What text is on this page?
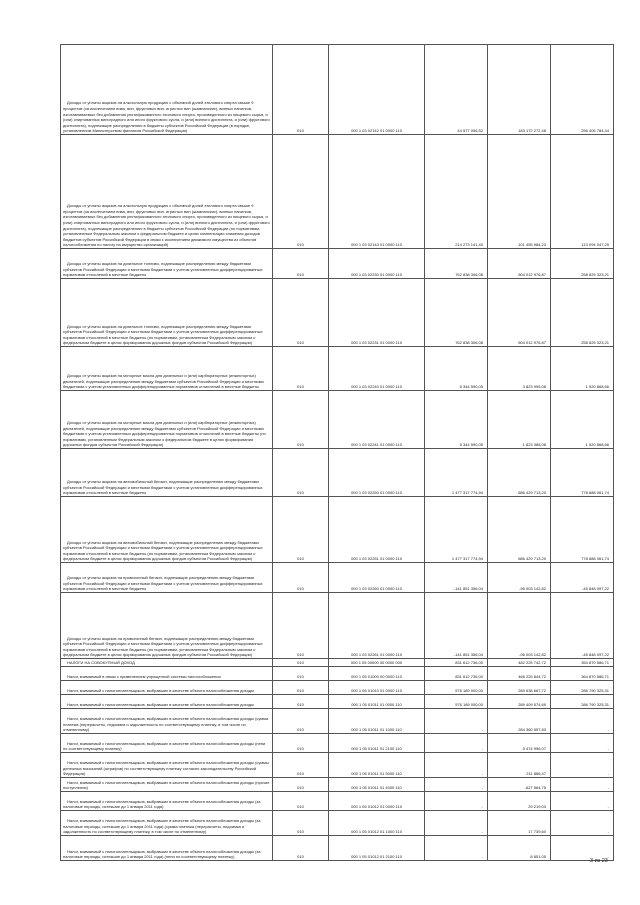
Доходы от уплаты акцизов на алкогольную продукцию с объемной долей этилового спирта свыше 9 процентов (за исключением пива, вин, фруктовых вин, игристых вин (шампанских), винных напитков, изготавливаемых без добавления ректификованного этилового спирта, произведенного из пищевого сырья, и (или) спиртованных виноградного или иного фруктового сусла, и (или) винного дистиллята, и (или) фруктового дистиллята), подлежащие распределению в бюджеты субъектов Российской Федерации (в порядке, установленном Министерством финансов Российской Федерации)	010	000 1 03 02142 01 0000 110	44 577 056,52	183 172 272,48	256 405 784,44
Доходы от уплаты акцизов на алкогольную продукцию с объемной долей этилового спирта свыше 9 процентов (за исключением пива, вин, фруктовых вин, игристых вин (шампанских), винных напитков, изготавливаемых без добавления ректификованного этилового спирта, произведенного из пищевого сырья, и (или) спиртованных виноградного или иного фруктового сусла, и (или) винного дистиллята, и (или) фруктового дистиллята), подлежащие распределению в бюджеты субъектов Российской Федерации (по нормативам, установленным Федеральным законом о федеральном бюджете в целях компенсации снижения доходов бюджетов субъектов Российской Федерации в связи с исключением движимого имущества из объектов налогообложения по налогу на имущество организаций)	010	000 1 03 02143 01 0000 110	214 273 141,40	101 455 984,23	113 094 047,25
Доходы от уплаты акцизов на дизельное топливо, подлежащие распределению между бюджетами субъектов Российской Федерации и местными бюджетами с учетом установленных дифференцированных нормативов отчислений в местные бюджеты	010	000 1 03 02230 01 0000 110	762 838 306,08	504 012 976,87	258 825 323,21
Доходы от уплаты акцизов на дизельное топливо, подлежащие распределению между бюджетами субъектов Российской Федерации и местными бюджетами с учетом установленных дифференцированных нормативов отчислений в местные бюджеты (по нормативам, установленным Федеральным законом о федеральном бюджете в целях формирования дорожных фондов субъектов Российской Федерации)	010	000 1 03 02231 01 0000 110	762 838 306,08	504 012 976,87	258 825 323,21
Доходы от уплаты акцизов на моторные масла для дизельных и (или) карбюраторных (инжекторных) двигателей, подлежащие распределению между бюджетами субъектов Российской Федерации и местными бюджетами с учетом установленных дифференцированных нормативов отчислений в местные бюджеты	010	000 1 03 02240 01 0000 110	5 344 590,05	3 823 995,08	1 520 868,66
Доходы от уплаты акцизов на моторные масла для дизельных и (или) карбюраторных (инжекторных) двигателей, подлежащие распределению между бюджетами субъектов Российской Федерации и местными бюджетами с учетом установленных дифференцированных нормативов отчислений в местные бюджеты (по нормативам, установленным Федеральным законом о федеральном бюджете в целях формирования дорожных фондов субъектов Российской Федерации)	010	000 1 03 02241 01 0000 110	5 344 590,05	1 823 388,08	1 520 868,66
Доходы от уплаты акцизов на автомобильный бензин, подлежащие распределению между бюджетами субъектов Российской Федерации и местными бюджетами с учетом установленных дифференцированных нормативов отчислений в местные бюджеты	010	000 1 03 02250 01 0000 110	1 477 317 774,94	686 429 713,20	778 888 061,74
Доходы от уплаты акцизов на автомобильный бензин, подлежащие распределению между бюджетами субъектов Российской Федерации и местными бюджетами с учетом установленных дифференцированных нормативов отчислений в местные бюджеты (по нормативам, установленным Федеральным законом о федеральном бюджете в целях формирования дорожных фондов субъектов Российской Федерации)	010	000 1 03 02251 01 0000 110	1 477 317 774,94	686 429 713,20	778 888 061,74
Доходы от уплаты акцизов на прямогонный бензин, подлежащие распределению между бюджетами субъектов Российской Федерации и местными бюджетами с учетом установленных дифференцированных нормативов отчислений в местные бюджеты	010	000 1 03 02260 01 0000 110	-141 851 356,04	-96 003 142,82	-45 848 097,22
Доходы от уплаты акцизов на прямогонный бензин, подлежащие распределению между бюджетами субъектов Российской Федерации и местными бюджетами с учетом установленных дифференцированных нормативов отчислений в местные бюджеты (по нормативам, установленным Федеральным законом о федеральном бюджете в целях формирования дорожных фондов субъектов Российской Федерации)	010	000 1 03 02261 01 0000 110	-141 851 356,04	-96 003 142,82	-45 848 097,22
НАЛОГИ НА СОВОКУПНЫЙ ДОХОД	010	000 1 05 00000 00 0000 000	831 612 736,00	482 225 742,72	354 870 586,71
Налог, взимаемый в связи с применением упрощенной системы налогообложения	010	000 1 05 01000 00 0000 110	831 612 736,00	466 225 844,72	364 870 586,71
Налог, взимаемый с налогоплательщиков, выбравших в качестве объекта налогообложения доходы	010	000 1 05 01010 01 0000 110	576 189 000,00	289 638 667,72	286 790 325,31
Налог, взимаемый с налогоплательщиков, выбравших в качестве объекта налогообложения доходы	010	000 1 05 01011 01 0000 110	576 189 000,00	289 409 574,69	286 790 325,31
Налог, взимаемый с налогоплательщиков, выбравших в качестве объекта налогообложения доходы (сумма платежа (перерасчеты, недоимка и задолженность по соответствующему платежу, в том числе по отмененному)	010	000 1 05 01011 01 1000 110	-	284 360 557,83	-
Налог, взимаемый с налогоплательщиков, выбравших в качестве объекта налогообложения доходы (пени по соответствующему платежу)	010	000 1 05 01011 01 2100 110	-	5 474 996,07	-
Налог, взимаемый с налогоплательщиков, выбравших в качестве объекта налогообложения доходы (суммы денежных взысканий (штрафов) по соответствующему платежу согласно законодательству Российской Федерации)	010	000 1 05 01011 01 3000 110	-	211 886,47	-
Налог, взимаемый с налогоплательщиков, выбравших в качестве объекта налогообложения доходы (прочие поступления)	010	000 1 05 01011 01 4000 110	-	-627 564,75	-
Налог, взимаемый с налогоплательщиков, выбравших в качестве объекта налогообложения доходы (за налоговые периоды, истекшие до 1 января 2011 года)	010	000 1 05 01012 01 0000 110	-	29 219,03	-
Налог, взимаемый с налогоплательщиков, выбравших в качестве объекта налогообложения доходы (за налоговые периоды, истекшие до 1 января 2011 года) (сумма платежа (перерасчеты, недоимка и задолженность по соответствующему платежу, в том числе по отмененному)	010	000 1 05 01012 01 1000 110	-	17 739,60	-
Налог, взимаемый с налогоплательщиков, выбравших в качестве объекта налогообложения доходы (за налоговые периоды, истекшие до 1 января 2011 года) (пени по соответствующему платежу)	010	000 1 05 01012 01 2100 110	-	8 851,05	-
3 из 23
